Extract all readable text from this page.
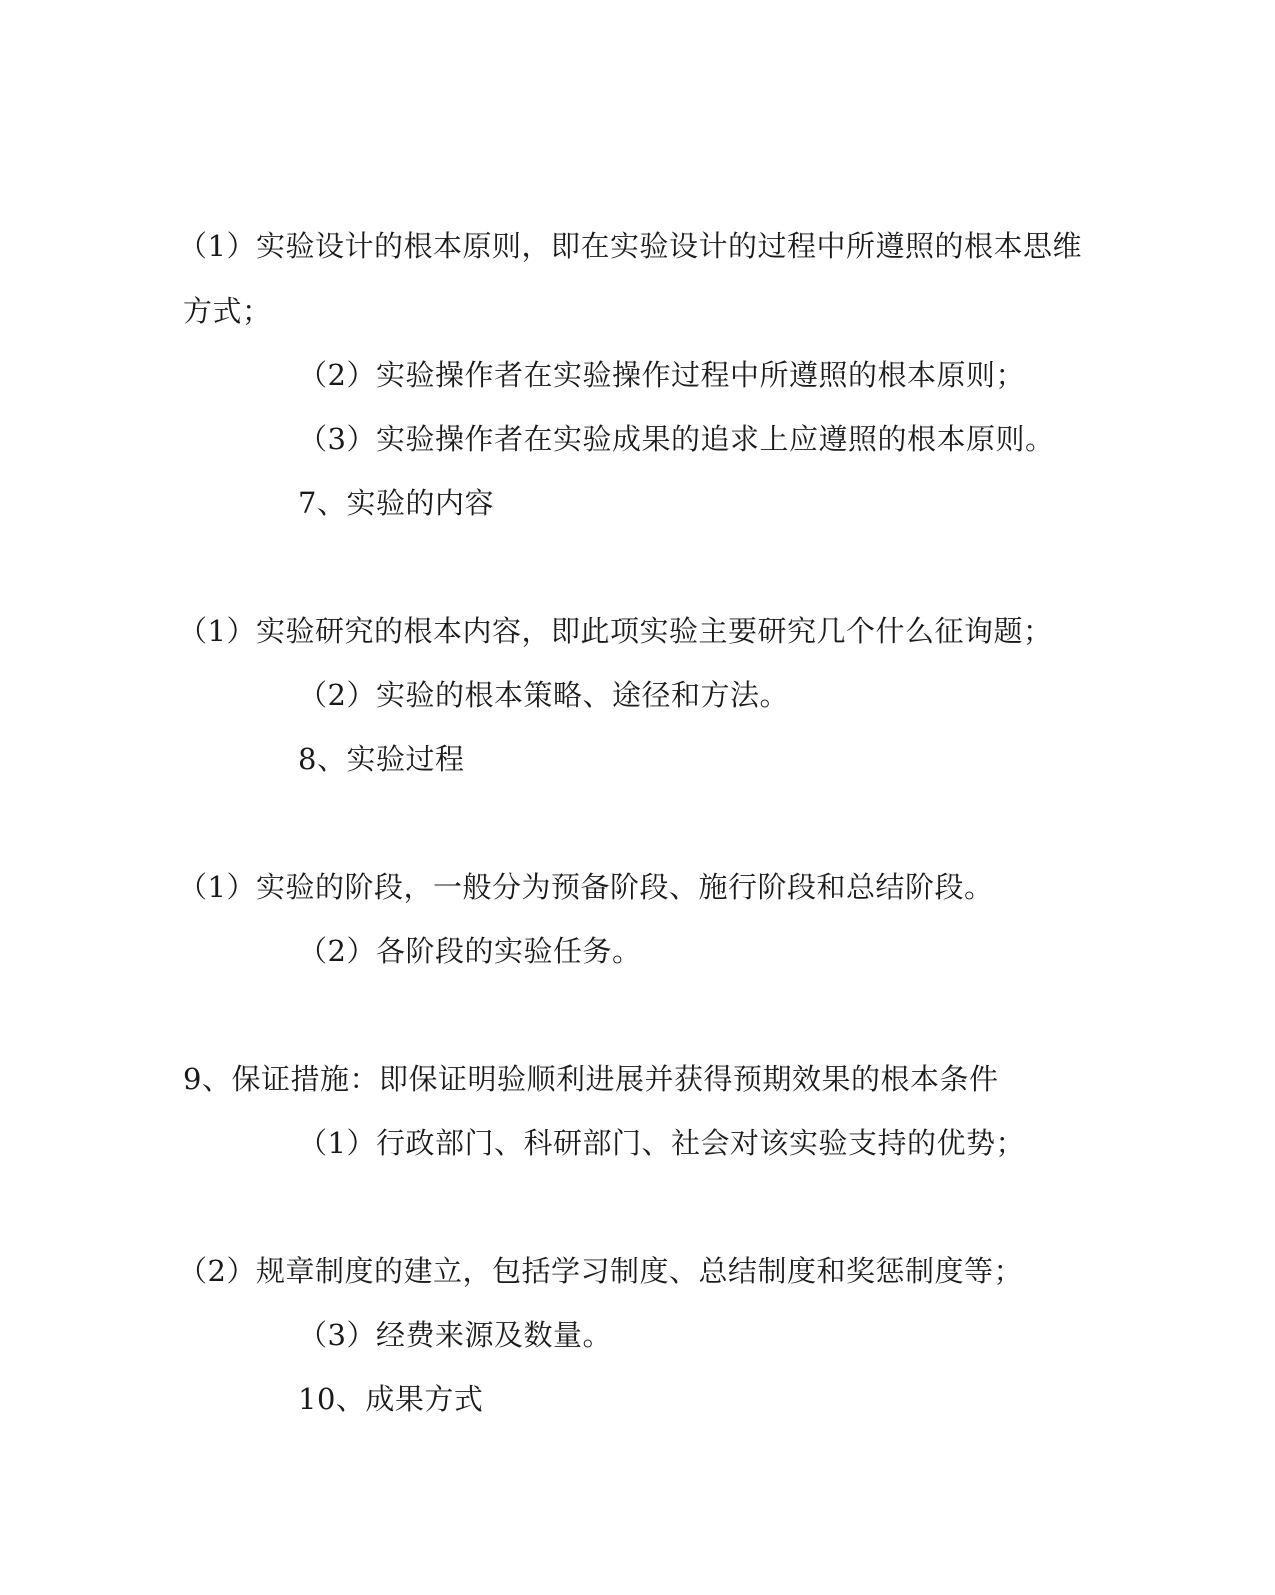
（1）实验设计的根本原则，即在实验设计的过程中所遵照的根本思维
方式；
（2）实验操作者在实验操作过程中所遵照的根本原则；
（3）实验操作者在实验成果的追求上应遵照的根本原则。
7、实验的内容
（1）实验研究的根本内容，即此项实验主要研究几个什么征询题；
（2）实验的根本策略、途径和方法。
8、实验过程
（1）实验的阶段，一般分为预备阶段、施行阶段和总结阶段。
（2）各阶段的实验任务。
9、保证措施：即保证明验顺利进展并获得预期效果的根本条件
（1）行政部门、科研部门、社会对该实验支持的优势；
（2）规章制度的建立，包括学习制度、总结制度和奖惩制度等；
（3）经费来源及数量。
10、成果方式
